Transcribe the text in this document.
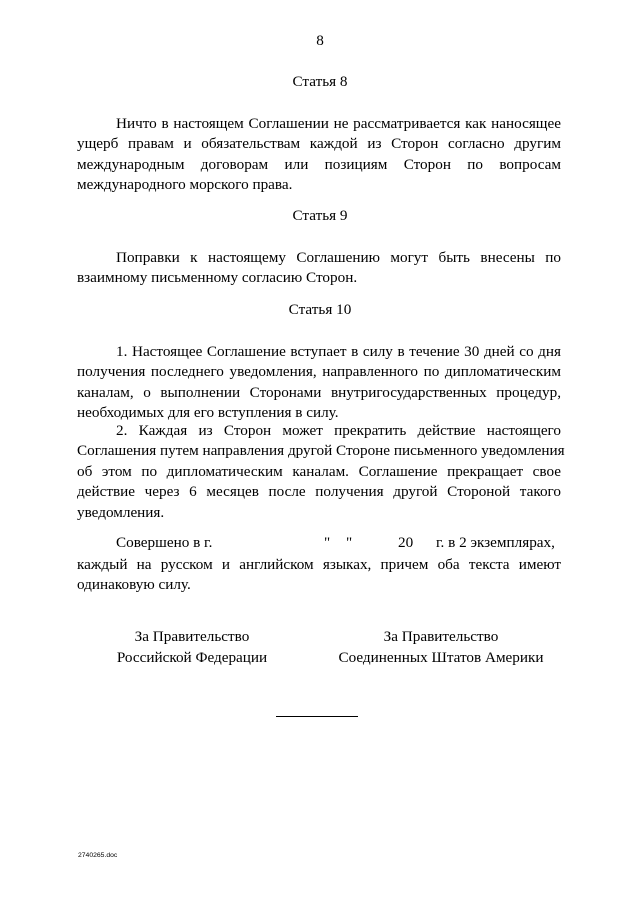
8
Статья 8
Ничто в настоящем Соглашении не рассматривается как наносящее
ущерб правам и обязательствам каждой из Сторон согласно другим
международным договорам или позициям Сторон по вопросам
международного морского права.
Статья 9
Поправки к настоящему Соглашению могут быть внесены по
взаимному письменному согласию Сторон.
Статья 10
1. Настоящее Соглашение вступает в силу в течение 30 дней со дня
получения последнего уведомления, направленного по дипломатическим
каналам, о выполнении Сторонами внутригосударственных процедур,
необходимых для его вступления в силу.
2. Каждая из Сторон может прекратить действие настоящего
Соглашения путем направления другой Стороне письменного уведомления
об этом по дипломатическим каналам. Соглашение прекращает свое
действие через 6 месяцев после получения другой Стороной такого
уведомления.
Совершено в г.	" "	20 г. в 2 экземплярах,
каждый на русском и английском языках, причем оба текста имеют
одинаковую силу.
За Правительство
Российской Федерации
За Правительство
Соединенных Штатов Америки
2740265.doc
